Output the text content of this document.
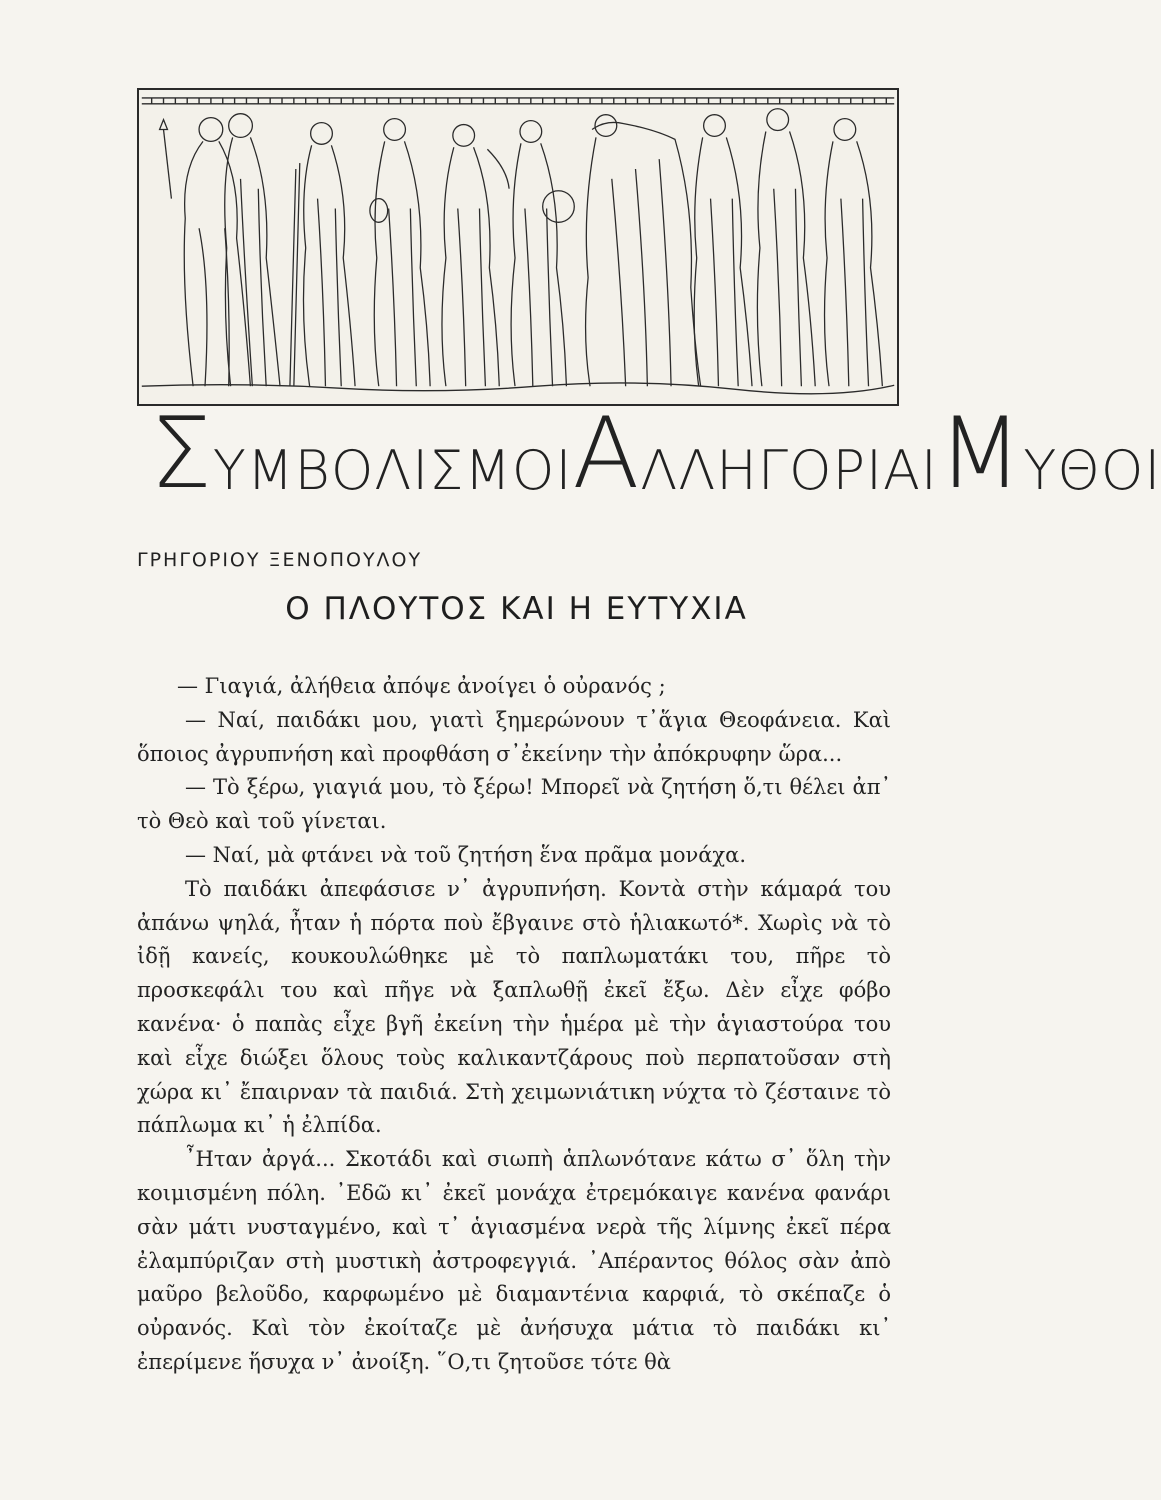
Σ ΥΜΒΟΛΙΣΜΟΙ Α ΛΛΗΓΟΡΙΑΙ Μ ΥΘΟΙ
ΓΡΗΓΟΡΙΟΥ ΞΕΝΟΠΟΥΛΟΥ
Ο ΠΛΟΥΤΟΣ ΚΑΙ Η ΕΥΤΥΧΙΑ

— Γιαγιά, ἀλήθεια ἀπόψε ἀνοίγει ὁ οὐρανός ;

— Ναί, παιδάκι μου, γιατὶ ξημερώνουν τ᾽ἅγια Θεοφάνεια. Καὶ ὅποιος ἀγρυπνήση καὶ προφθάση σ᾽ἐκείνην τὴν ἀπόκρυφην ὥρα...

— Τὸ ξέρω, γιαγιά μου, τὸ ξέρω! Μπορεῖ νὰ ζητήση ὅ,τι θέλει ἀπ᾽ τὸ Θεὸ καὶ τοῦ γίνεται.

— Ναί, μὰ φτάνει νὰ τοῦ ζητήση ἕνα πρᾶμα μονάχα.

Τὸ παιδάκι ἀπεφάσισε ν᾽ ἀγρυπνήση. Κοντὰ στὴν κάμαρά του ἀπάνω ψηλά, ἦταν ἡ πόρτα ποὺ ἔβγαινε στὸ ἡλιακωτό*. Χωρὶς νὰ τὸ ἰδῇ κανείς, κουκουλώθηκε μὲ τὸ παπλωματάκι του, πῆρε τὸ προσκεφάλι του καὶ πῆγε νὰ ξαπλωθῇ ἐκεῖ ἔξω. Δὲν εἶχε φόβο κανένα· ὁ παπὰς εἶχε βγῆ ἐκείνη τὴν ἡμέρα μὲ τὴν ἁγιαστούρα του καὶ εἶχε διώξει ὅλους τοὺς καλικαντζάρους ποὺ περπατοῦσαν στὴ χώρα κι᾽ ἔπαιρναν τὰ παιδιά. Στὴ χειμωνιάτικη νύχτα τὸ ζέσταινε τὸ πάπλωμα κι᾽ ἡ ἐλπίδα.

῏Ηταν ἀργά... Σκοτάδι καὶ σιωπὴ ἁπλωνότανε κάτω σ᾽ ὅλη τὴν κοιμισμένη πόλη. ᾽Εδῶ κι᾽ ἐκεῖ μονάχα ἐτρεμόκαιγε κανένα φανάρι σὰν μάτι νυσταγμένο, καὶ τ᾽ ἁγιασμένα νερὰ τῆς λίμνης ἐκεῖ πέρα ἐλαμπύριζαν στὴ μυστικὴ ἀστροφεγγιά. ᾽Απέραντος θόλος σὰν ἀπὸ μαῦρο βελοῦδο, καρφωμένο μὲ διαμαντένια καρφιά, τὸ σκέπαζε ὁ οὐρανός. Καὶ τὸν ἐκοίταζε μὲ ἀνήσυχα μάτια τὸ παιδάκι κι᾽ ἐπερίμενε ἥσυχα ν᾽ ἀνοίξη. ῞Ο,τι ζητοῦσε τότε θὰ
